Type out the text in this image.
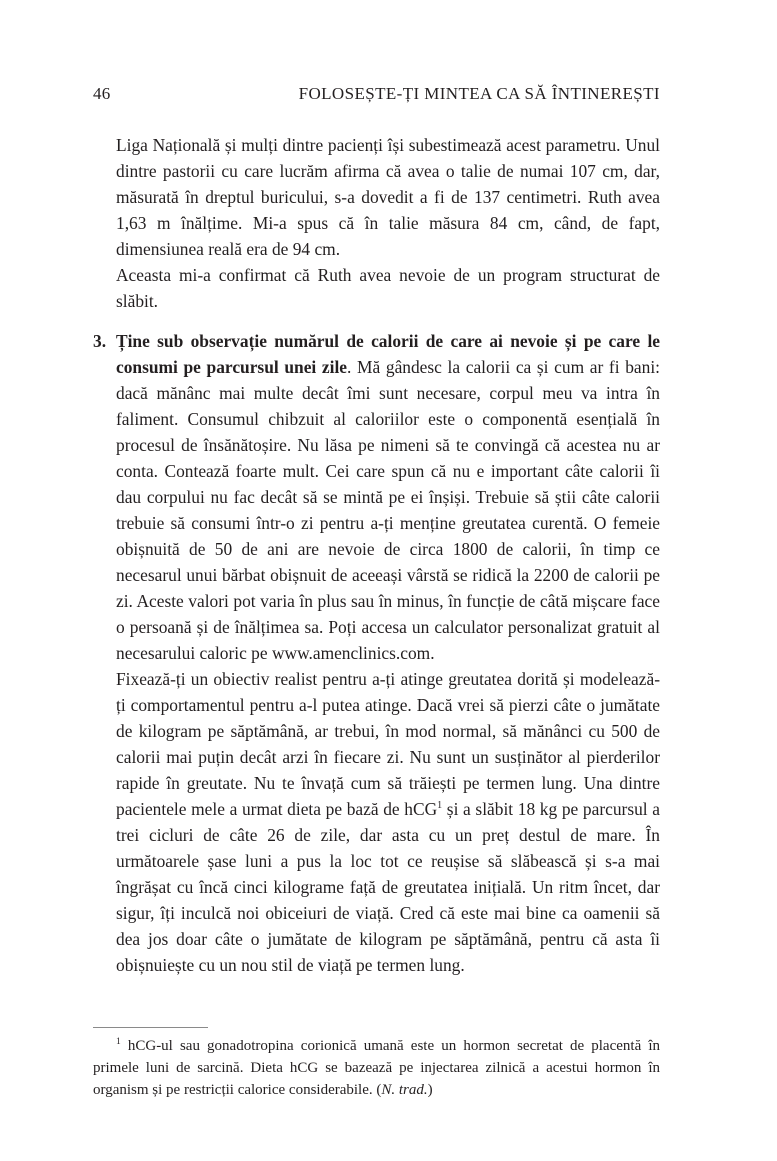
46	FOLOSEȘTE-ȚI MINTEA CA SĂ ÎNTINEREȘTI

Liga Națională și mulți dintre pacienți își subestimează acest parametru. Unul dintre pastorii cu care lucrăm afirma că avea o talie de numai 107 cm, dar, măsurată în dreptul buricului, s-a dovedit a fi de 137 centimetri. Ruth avea 1,63 m înălțime. Mi-a spus că în talie măsura 84 cm, când, de fapt, dimensiunea reală era de 94 cm.

Aceasta mi-a confirmat că Ruth avea nevoie de un program structurat de slăbit.

3. Ține sub observație numărul de calorii de care ai nevoie și pe care le consumi pe parcursul unei zile. Mă gândesc la calorii ca și cum ar fi bani: dacă mănânc mai multe decât îmi sunt necesare, corpul meu va intra în faliment. Consumul chibzuit al caloriilor este o componentă esențială în procesul de însănătoșire. Nu lăsa pe nimeni să te convingă că acestea nu ar conta. Contează foarte mult. Cei care spun că nu e important câte calorii îi dau corpului nu fac decât să se mintă pe ei înșiși. Trebuie să știi câte calorii trebuie să consumi într-o zi pentru a-ți menține greutatea curentă. O femeie obișnuită de 50 de ani are nevoie de circa 1800 de calorii, în timp ce necesarul unui bărbat obișnuit de aceeași vârstă se ridică la 2200 de calorii pe zi. Aceste valori pot varia în plus sau în minus, în funcție de câtă mișcare face o persoană și de înălțimea sa. Poți accesa un calculator personalizat gratuit al necesarului caloric pe www.amenclinics.com.

Fixează-ți un obiectiv realist pentru a-ți atinge greutatea dorită și modelează-ți comportamentul pentru a-l putea atinge. Dacă vrei să pierzi câte o jumătate de kilogram pe săptămână, ar trebui, în mod normal, să mănânci cu 500 de calorii mai puțin decât arzi în fiecare zi. Nu sunt un susținător al pierderilor rapide în greutate. Nu te învață cum să trăiești pe termen lung. Una dintre pacientele mele a urmat dieta pe bază de hCG$^1$ și a slăbit 18 kg pe parcursul a trei cicluri de câte 26 de zile, dar asta cu un preț destul de mare. În următoarele șase luni a pus la loc tot ce reușise să slăbească și s-a mai îngrășat cu încă cinci kilograme față de greutatea inițială. Un ritm încet, dar sigur, îți inculcă noi obiceiuri de viață. Cred că este mai bine ca oamenii să dea jos doar câte o jumătate de kilogram pe săptămână, pentru că asta îi obișnuiește cu un nou stil de viață pe termen lung.

$^1$ hCG-ul sau gonadotropina corionică umană este un hormon secretat de placentă în primele luni de sarcină. Dieta hCG se bazează pe injectarea zilnică a acestui hormon în organism și pe restricții calorice considerabile. (N. trad.)
